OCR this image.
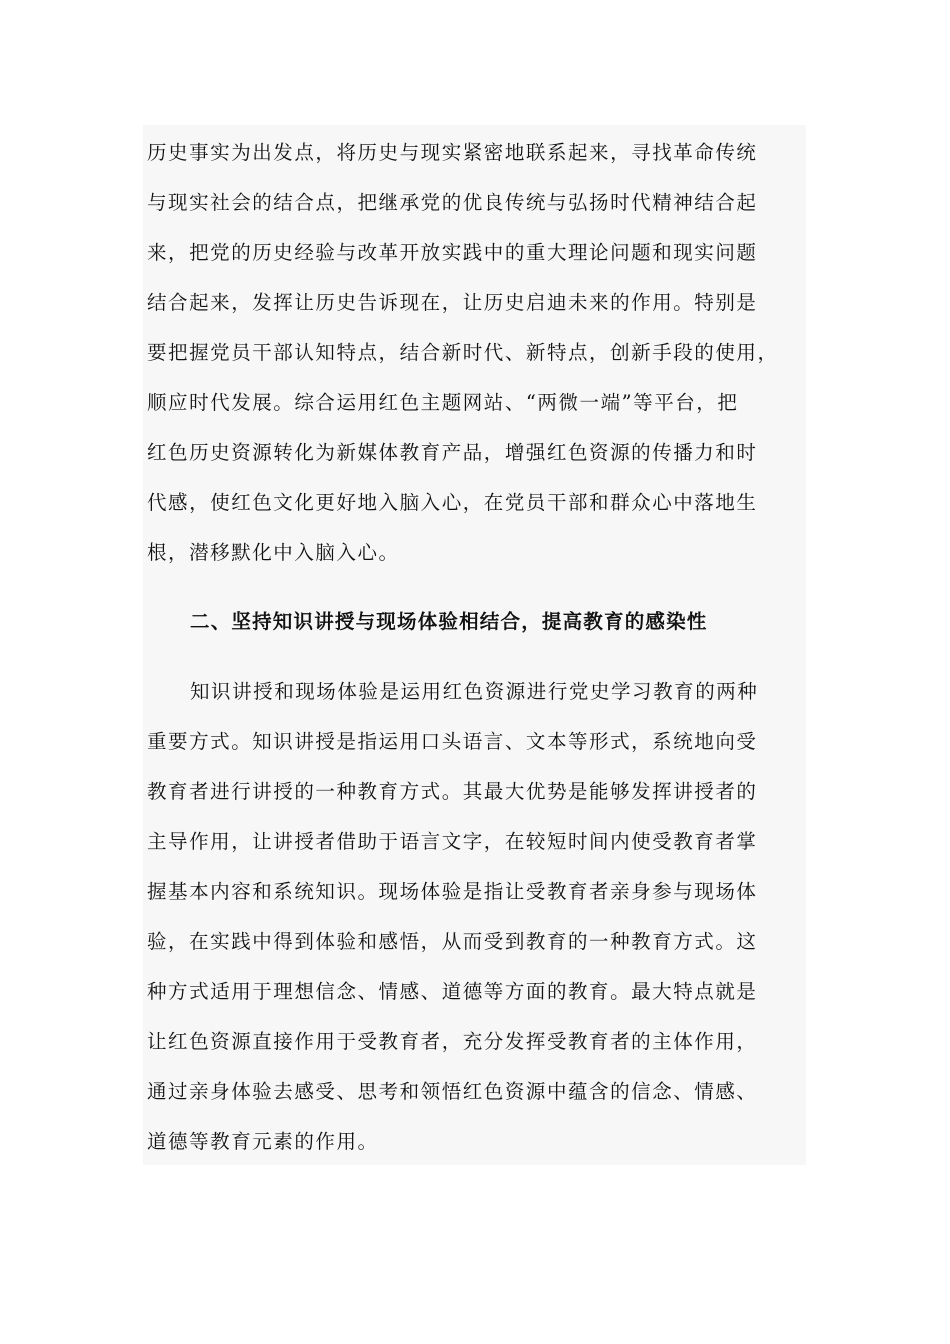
历史事实为出发点，将历史与现实紧密地联系起来，寻找革命传统

与现实社会的结合点，把继承党的优良传统与弘扬时代精神结合起

来，把党的历史经验与改革开放实践中的重大理论问题和现实问题

结合起来，发挥让历史告诉现在，让历史启迪未来的作用。特别是

要把握党员干部认知特点，结合新时代、新特点，创新手段的使用，

顺应时代发展。综合运用红色主题网站、“两微一端”等平台，把

红色历史资源转化为新媒体教育产品，增强红色资源的传播力和时

代感，使红色文化更好地入脑入心，在党员干部和群众心中落地生

根，潜移默化中入脑入心。

二、坚持知识讲授与现场体验相结合，提高教育的感染性

知识讲授和现场体验是运用红色资源进行党史学习教育的两种

重要方式。知识讲授是指运用口头语言、文本等形式，系统地向受

教育者进行讲授的一种教育方式。其最大优势是能够发挥讲授者的

主导作用，让讲授者借助于语言文字，在较短时间内使受教育者掌

握基本内容和系统知识。现场体验是指让受教育者亲身参与现场体

验，在实践中得到体验和感悟，从而受到教育的一种教育方式。这

种方式适用于理想信念、情感、道德等方面的教育。最大特点就是

让红色资源直接作用于受教育者，充分发挥受教育者的主体作用，

通过亲身体验去感受、思考和领悟红色资源中蕴含的信念、情感、

道德等教育元素的作用。
